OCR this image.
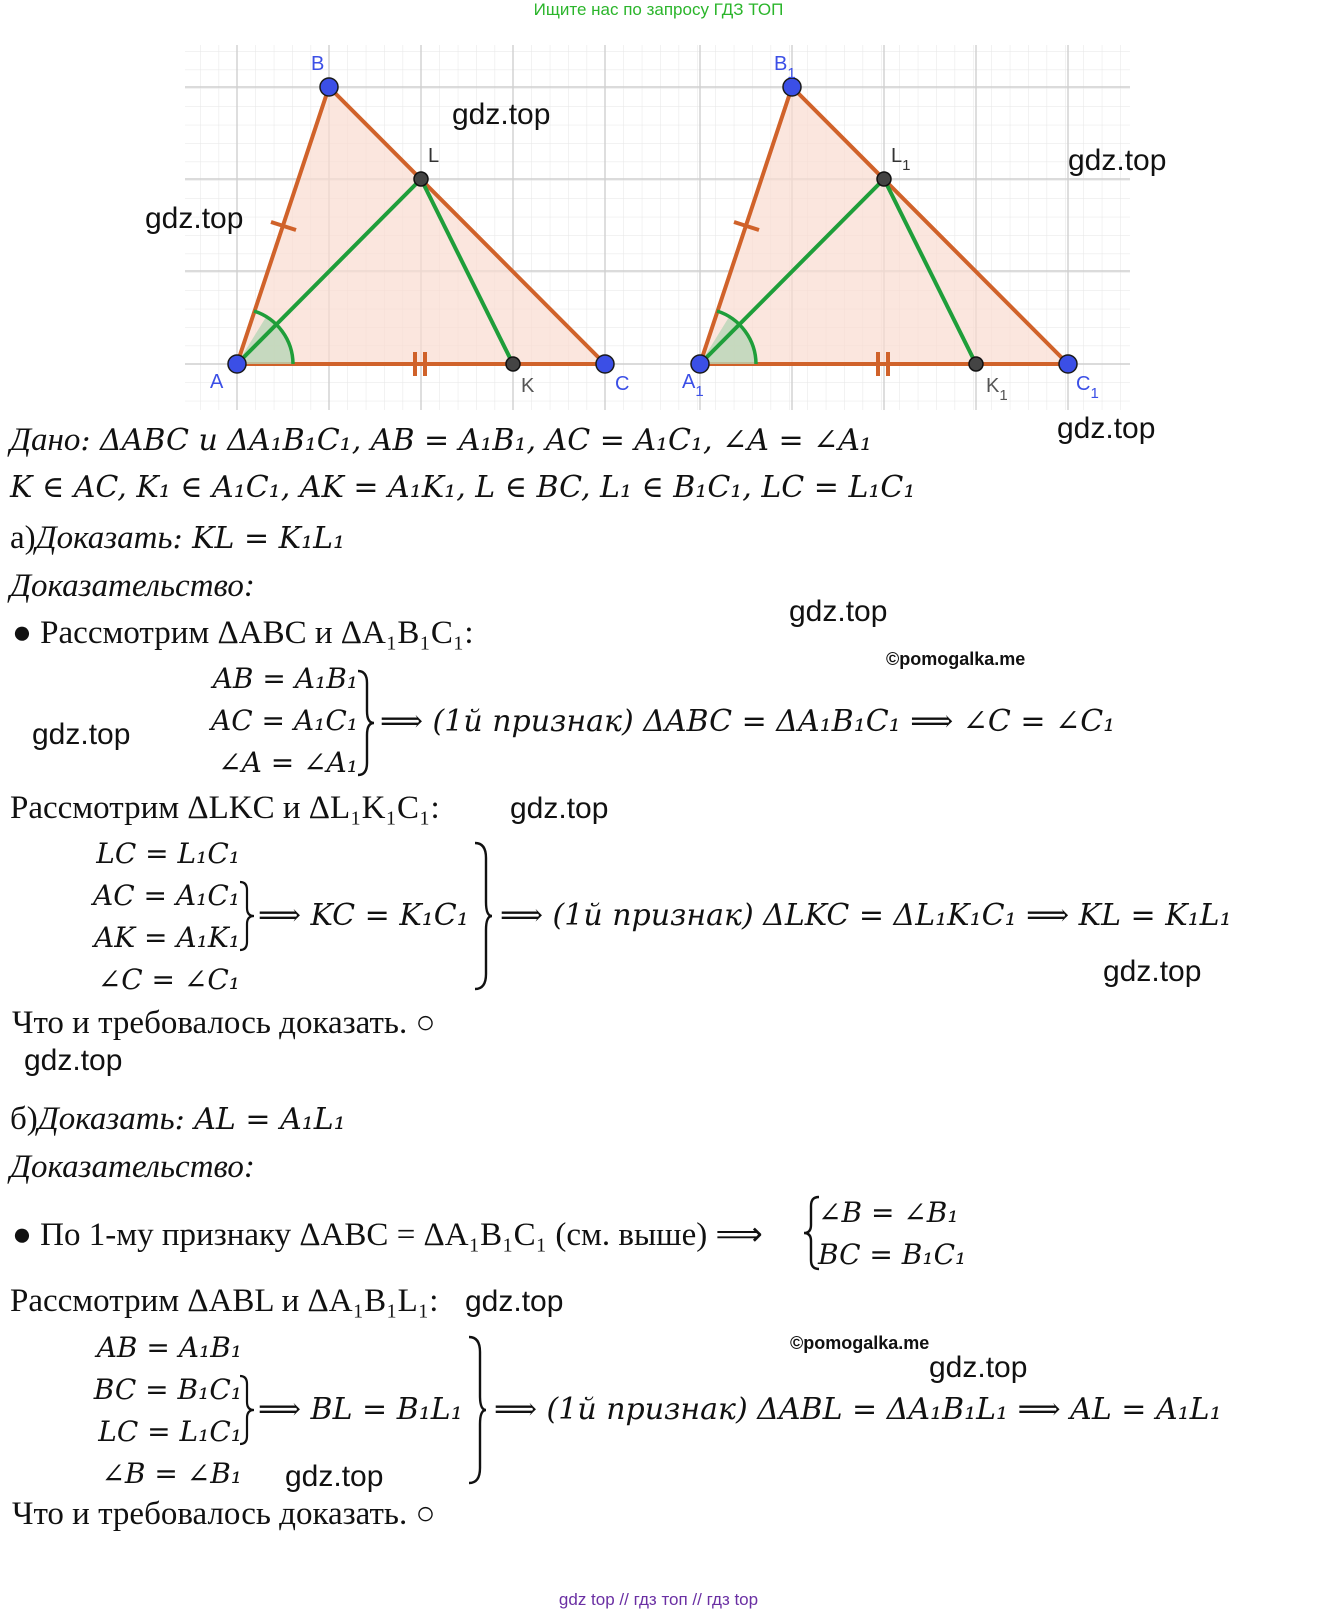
Ищите нас по запросу ГДЗ ТОП
A
B
C
K
L
$A_1$
$B_1$
$C_1$
$K_1$
$L_1$
gdz.top
gdz.top
gdz.top
gdz.top
gdz.top
gdz.top
gdz.top
gdz.top
gdz.top
gdz.top
gdz.top
gdz.top
©pomogalka.me
©pomogalka.me
Дано: ΔABC и ΔA₁B₁C₁, AB = A₁B₁, AC = A₁C₁, ∠A = ∠A₁
K ∈ AC, K₁ ∈ A₁C₁, AK = A₁K₁, L ∈ BC, L₁ ∈ B₁C₁, LC = L₁C₁
а)Доказать: KL = K₁L₁
Доказательство:
● Рассмотрим ΔABC и ΔA₁B₁C₁:
AB = A₁B₁
AC = A₁C₁
∠A = ∠A₁
⟹ (1й признак) ΔABC = ΔA₁B₁C₁ ⟹ ∠C = ∠C₁
Рассмотрим ΔLKC и ΔL₁K₁C₁:
LC = L₁C₁
AC = A₁C₁
AK = A₁K₁
∠C = ∠C₁
⟹ KC = K₁C₁ ⟹ (1й признак) ΔLKC = ΔL₁K₁C₁ ⟹ KL = K₁L₁
Что и требовалось доказать. ○
б)Доказать: AL = A₁L₁
Доказательство:
● По 1-му признаку ΔABC = ΔA₁B₁C₁ (см. выше) ⟹
∠B = ∠B₁
BC = B₁C₁
Рассмотрим ΔABL и ΔA₁B₁L₁:
AB = A₁B₁
BC = B₁C₁
LC = L₁C₁
∠B = ∠B₁
⟹ BL = B₁L₁ ⟹ (1й признак) ΔABL = ΔA₁B₁L₁ ⟹ AL = A₁L₁
Что и требовалось доказать. ○
gdz top // гдз топ // гдз top
